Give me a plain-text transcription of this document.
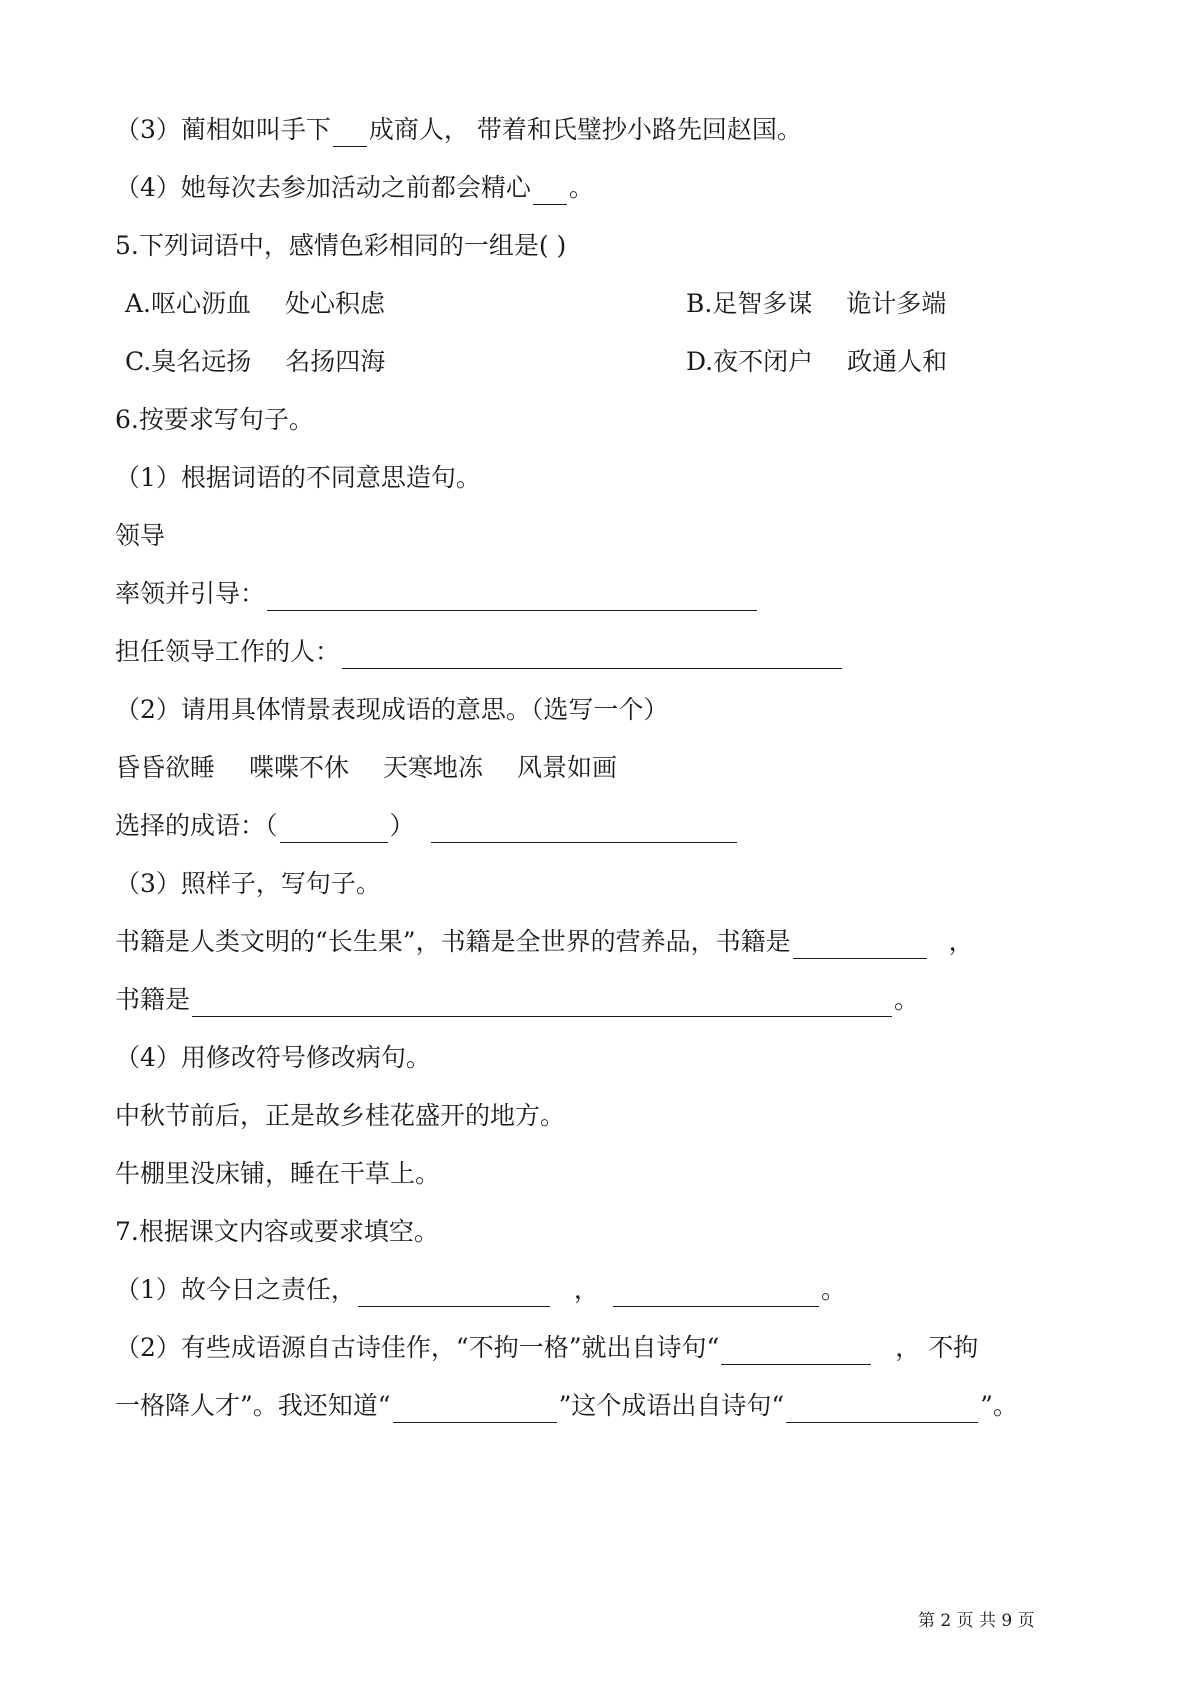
（3）蔺相如叫手下 成商人， 带着和氏璧抄小路先回赵国。
（4）她每次去参加活动之前都会精心 。
5.下列词语中，感情色彩相同的一组是( )
A.呕心沥血 处心积虑	B.足智多谋 诡计多端
C.臭名远扬 名扬四海	D.夜不闭户 政通人和
6.按要求写句子。
（1）根据词语的不同意思造句。
领导
率领并引导：
担任领导工作的人：
（2）请用具体情景表现成语的意思。（选写一个）
昏昏欲睡 喋喋不休 天寒地冻 风景如画
选择的成语：（	）
（3）照样子，写句子。
书籍是人类文明的“长生果”，书籍是全世界的营养品，书籍是	，
书籍是	。
（4）用修改符号修改病句。
中秋节前后，正是故乡桂花盛开的地方。
牛棚里没床铺，睡在干草上。
7.根据课文内容或要求填空。
（1）故今日之责任，	，	。
（2）有些成语源自古诗佳作，“不拘一格”就出自诗句“	， 不拘
一格降人才”。我还知道“	”这个成语出自诗句“	”。
第 2 页 共 9 页
